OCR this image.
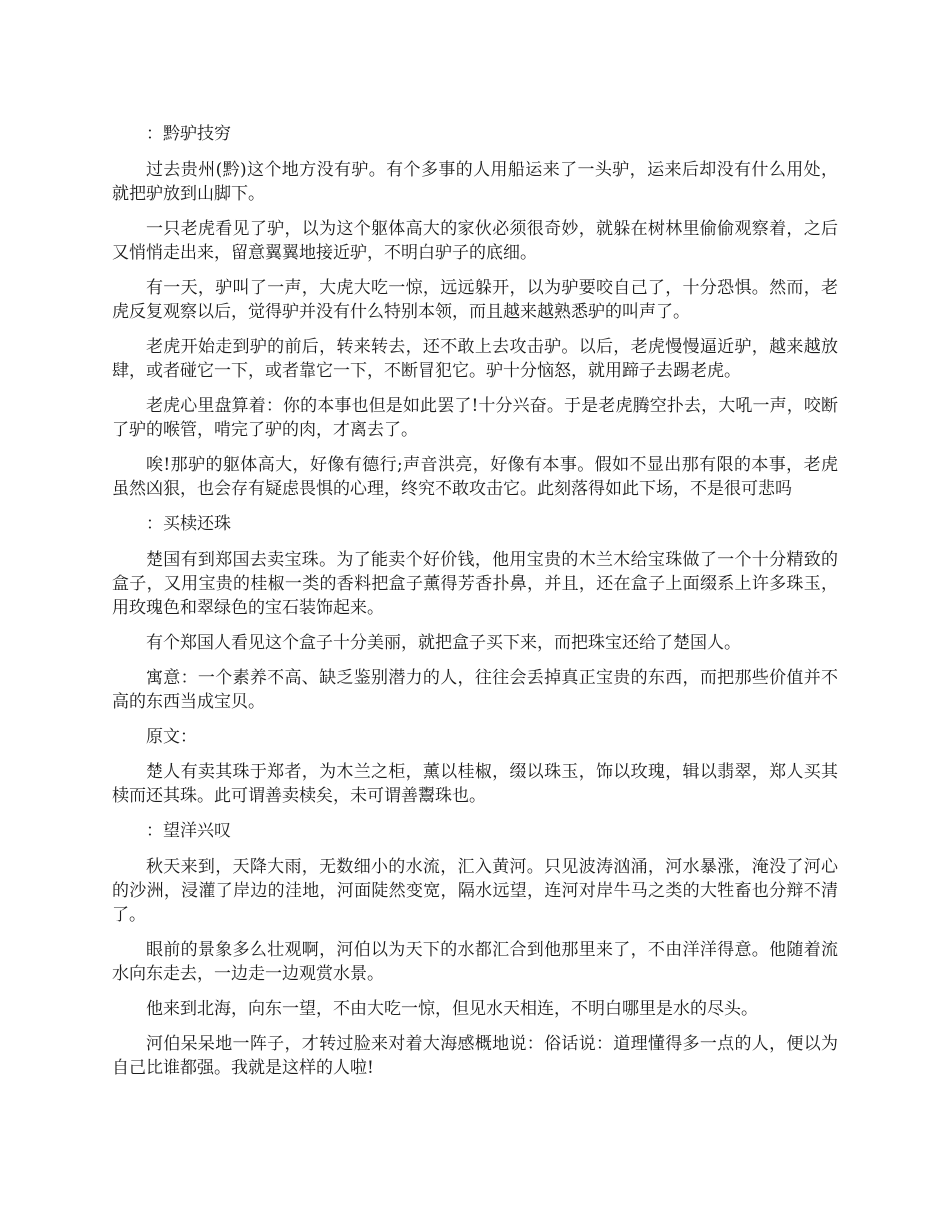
：黔驴技穷

过去贵州(黔)这个地方没有驴。有个多事的人用船运来了一头驴，运来后却没有什么用处，就把驴放到山脚下。

一只老虎看见了驴，以为这个躯体高大的家伙必须很奇妙，就躲在树林里偷偷观察着，之后又悄悄走出来，留意翼翼地接近驴，不明白驴子的底细。

有一天，驴叫了一声，大虎大吃一惊，远远躲开，以为驴要咬自己了，十分恐惧。然而，老虎反复观察以后，觉得驴并没有什么特别本领，而且越来越熟悉驴的叫声了。

老虎开始走到驴的前后，转来转去，还不敢上去攻击驴。以后，老虎慢慢逼近驴，越来越放肆，或者碰它一下，或者靠它一下，不断冒犯它。驴十分恼怒，就用蹄子去踢老虎。

老虎心里盘算着：你的本事也但是如此罢了!十分兴奋。于是老虎腾空扑去，大吼一声，咬断了驴的喉管，啃完了驴的肉，才离去了。

唉!那驴的躯体高大，好像有德行;声音洪亮，好像有本事。假如不显出那有限的本事，老虎虽然凶狠，也会存有疑虑畏惧的心理，终究不敢攻击它。此刻落得如此下场，不是很可悲吗

：买椟还珠

楚国有到郑国去卖宝珠。为了能卖个好价钱，他用宝贵的木兰木给宝珠做了一个十分精致的盒子，又用宝贵的桂椒一类的香料把盒子薰得芳香扑鼻，并且，还在盒子上面缀系上许多珠玉，用玫瑰色和翠绿色的宝石装饰起来。

有个郑国人看见这个盒子十分美丽，就把盒子买下来，而把珠宝还给了楚国人。

寓意：一个素养不高、缺乏鉴别潜力的人，往往会丢掉真正宝贵的东西，而把那些价值并不高的东西当成宝贝。

原文：

楚人有卖其珠于郑者，为木兰之柜，薰以桂椒，缀以珠玉，饰以玫瑰，辑以翡翠，郑人买其椟而还其珠。此可谓善卖椟矣，未可谓善鬻珠也。

：望洋兴叹

秋天来到，天降大雨，无数细小的水流，汇入黄河。只见波涛汹涌，河水暴涨，淹没了河心的沙洲，浸灌了岸边的洼地，河面陡然变宽，隔水远望，连河对岸牛马之类的大牲畜也分辩不清了。

眼前的景象多么壮观啊，河伯以为天下的水都汇合到他那里来了，不由洋洋得意。他随着流水向东走去，一边走一边观赏水景。

他来到北海，向东一望，不由大吃一惊，但见水天相连，不明白哪里是水的尽头。

河伯呆呆地一阵子，才转过脸来对着大海感概地说：俗话说：道理懂得多一点的人，便以为自己比谁都强。我就是这样的人啦!
